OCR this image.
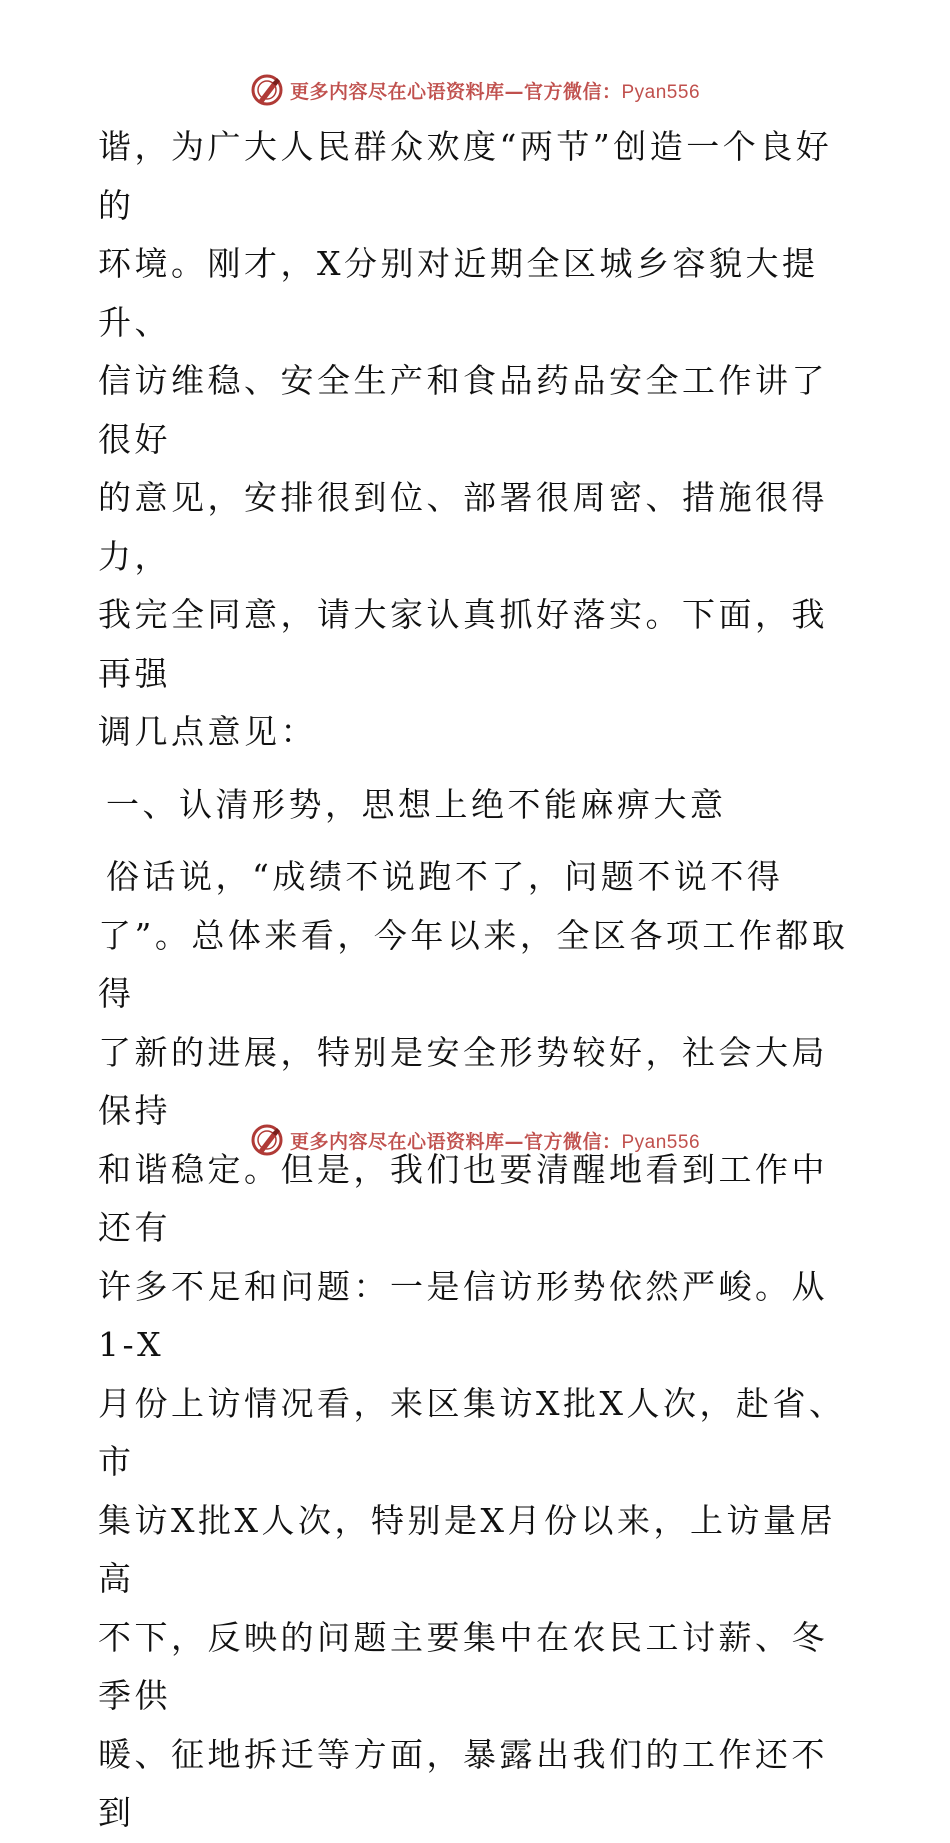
更多内容尽在心语资料库—官方微信：Pyan556

谐，为广大人民群众欢度“两节”创造一个良好的

环境。刚才，X分别对近期全区城乡容貌大提升、

信访维稳、安全生产和食品药品安全工作讲了很好

的意见，安排很到位、部署很周密、措施很得力，

我完全同意，请大家认真抓好落实。下面，我再强

调几点意见：

一、认清形势，思想上绝不能麻痹大意

俗话说，“成绩不说跑不了，问题不说不得

了”。总体来看，今年以来，全区各项工作都取得

了新的进展，特别是安全形势较好，社会大局保持

和谐稳定。但是，我们也要清醒地看到工作中还有

许多不足和问题：一是信访形势依然严峻。从1-X

月份上访情况看，来区集访X批X人次，赴省、市

集访X批X人次，特别是X月份以来，上访量居高

不下，反映的问题主要集中在农民工讨薪、冬季供

暖、征地拆迁等方面，暴露出我们的工作还不到

更多内容尽在心语资料库—官方微信：Pyan556
